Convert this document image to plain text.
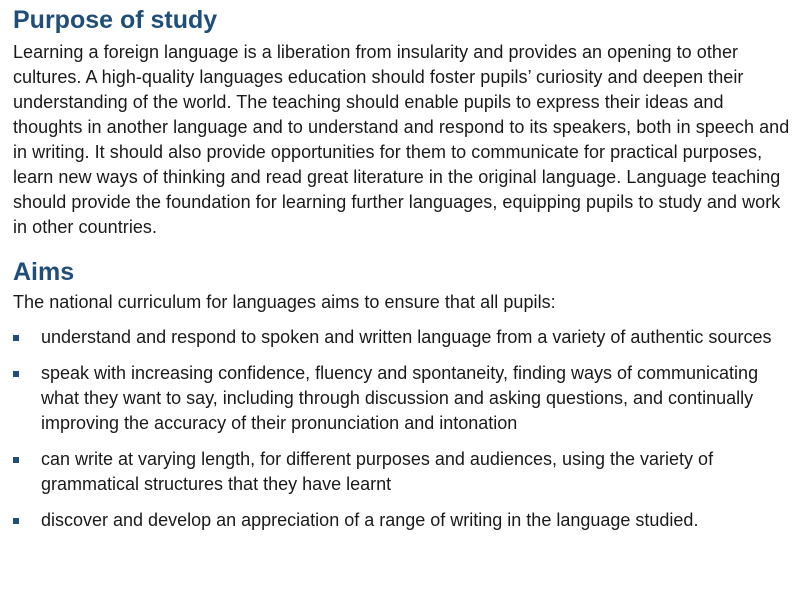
Purpose of study

Learning a foreign language is a liberation from insularity and provides an opening to other cultures. A high-quality languages education should foster pupils’ curiosity and deepen their understanding of the world. The teaching should enable pupils to express their ideas and thoughts in another language and to understand and respond to its speakers, both in speech and in writing. It should also provide opportunities for them to communicate for practical purposes, learn new ways of thinking and read great literature in the original language. Language teaching should provide the foundation for learning further languages, equipping pupils to study and work in other countries.

Aims

The national curriculum for languages aims to ensure that all pupils:

understand and respond to spoken and written language from a variety of authentic sources
speak with increasing confidence, fluency and spontaneity, finding ways of communicating what they want to say, including through discussion and asking questions, and continually improving the accuracy of their pronunciation and intonation
can write at varying length, for different purposes and audiences, using the variety of grammatical structures that they have learnt
discover and develop an appreciation of a range of writing in the language studied.
